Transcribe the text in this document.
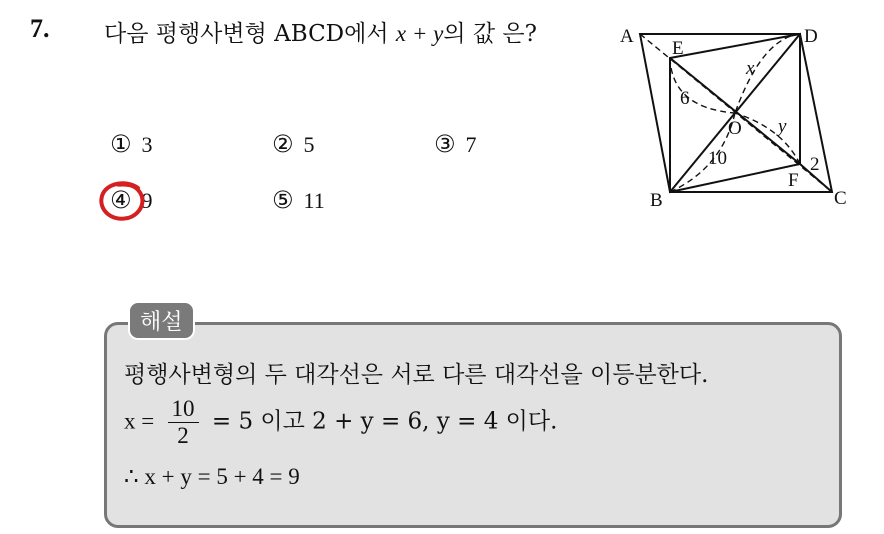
7. 다음 평행사변형 ABCD에서 x + y의 값 은?
① 3	② 5	③ 7
④ 9	⑤ 11
A
E
D
B	C
F
O
6
10	2
x
y
해설
평행사변형의 두 대각선은 서로 다른 대각선을 이등분한다.
$x = \frac{10}{2} = 5$ 이고 2 + y = 6, y = 4 이다.
∴ x + y = 5 + 4 = 9
